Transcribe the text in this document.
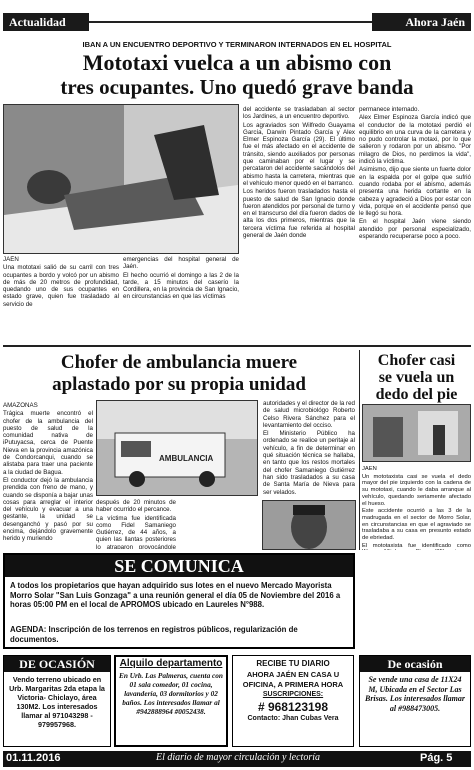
Actualidad	Ahora Jaén
IBAN A UN ENCUENTRO DEPORTIVO Y TERMINARON INTERNADOS EN EL HOSPITAL
Mototaxi vuelca a un abismo con
tres ocupantes. Uno quedó grave banda

JAÉN

Una mototaxi salió de su carril con tres ocupantes a bordo y volcó por un abismo de más de 20 metros de profundidad, quedando uno de sus ocupantes en estado grave, quien fue trasladado al servicio de

emergencias del hospital general de Jaén.

El hecho ocurrió el domingo a las 2 de la tarde, a 15 minutos del caserío la Cordillera, en la provincia de San Ignacio, en circunstancias en que las víctimas

del accidente se trasladaban al sector los Jardines, a un encuentro deportivo.

Los agraviados son Wilfredo Guayama García, Darwin Pintado García y Alex Elmer Espinoza García (29). El último fue el más afectado en el accidente de tránsito, siendo auxiliados por personas que caminaban por el lugar y se percataron del accidente sacándolos del abismo hasta la carretera, mientras que el vehículo menor quedó en el barranco.

Los heridos fueron trasladados hasta el puesto de salud de San Ignacio donde fueron atendidos por personal de turno y en el transcurso del día fueron dados de alta los dos primeros, mientras que la tercera víctima fue referida al hospital general de Jaén donde

permanece internado.

Alex Elmer Espinoza García indicó que el conductor de la mototaxi perdió el equilibrio en una curva de la carretera y no pudo controlar la motaxi, por lo que salieron y rodaron por un abismo. "Por milagro de Dios, no perdimos la vida", indicó la víctima.

Asimismo, dijo que siente un fuerte dolor en la espalda por el golpe que sufrió cuando rodaba por el abismo, además presenta una herida cortante en la cabeza y agradeció a Dios por estar con vida, porque en el accidente pensó que le llegó su hora.

En el hospital Jaén viene siendo atendido por personal especializado, esperando recuperarse poco a poco.

Chofer de ambulancia muere
aplastado por su propia unidad

AMAZONAS

Trágica muerte encontró el chofer de la ambulancia del puesto de salud de la comunidad nativa de iPutuyacsa, cerca de Puente Nieva en la provincia amazónica de Condorcanqui, cuando se alistaba para traer una paciente a la ciudad de Bagua.

El conductor dejó la ambulancia prendida con freno de mano, y cuando se disponía a bajar unas cosas para arreglar el interior del vehículo y evacuar a una gestante, la unidad se desenganchó y pasó por su encima, dejándolo gravemente herido y muriendo

AMBULANCIA

después de 20 minutos de haber ocurrido el percance.

La víctima fue identificada como Fidel Samaniego Gutiérrez, de 44 años, a quien las llantas posteriores lo atraparon provocándole

autoridades y el director de la red de salud microbiológo Roberto Celso Rivera Sánchez para el levantamiento del occiso.

El Ministerio Público ha ordenado se realice un peritaje al vehículo, a fin de determinar en qué situación técnica se hallaba, en tanto que los restos mortales del chofer Samaniego Gutiérrez han sido trasladados a su casa de Santa María de Nieva para ser velados.

Chofer casi
se vuela un
dedo del pie

JAÉN

Un mototaxista casi se vuela el dedo mayor del pie izquierdo con la cadena de su mototaxi, cuando le daba arranque al vehículo, quedando seriamente afectado el hueso.

Este accidente ocurrió a las 3 de la madrugada en el sector de Morro Solar, en circunstancias en que el agraviado se trasladaba a su casa en presunto estado de ebriedad.

El mototaxista fue identificado como

SE COMUNICA
A todos los propietarios que hayan adquirido sus lotes en el nuevo Mercado Mayorista Morro Solar "San Luis Gonzaga" a una reunión general el día 05 de Noviembre del 2016 a horas 05:00 PM en el local de APROMOS ubicado en Laureles N°988.
AGENDA: Inscripción de los terrenos en registros públicos, regularización de documentos.
DE OCASIÓN
Vendo terreno ubicado en Urb. Margaritas 2da etapa la Victoria- Chiclayo, área 130M2. Los interesados llamar al 971043298 - 979957968.
Alquilo departamento
En Urb. Las Palmeras, cuenta con 01 sala comedor, 01 cocina, lavandería, 03 dormitorios y 02 baños. Los interesados llamar al #942888964 #0052438.
RECIBE TU DIARIO
AHORA JAÉN EN CASA U OFICINA, A PRIMERA HORA
SUSCRIPCIONES:
# 968123198
Contacto: Jhan Cubas Vera
De ocasión
Se vende una casa de 11X24 M, Ubicada en el Sector Las Brisas. Los interesados llamar al #988473005.
01.11.2016	El diario de mayor circulación y lectoría	Pág. 5
